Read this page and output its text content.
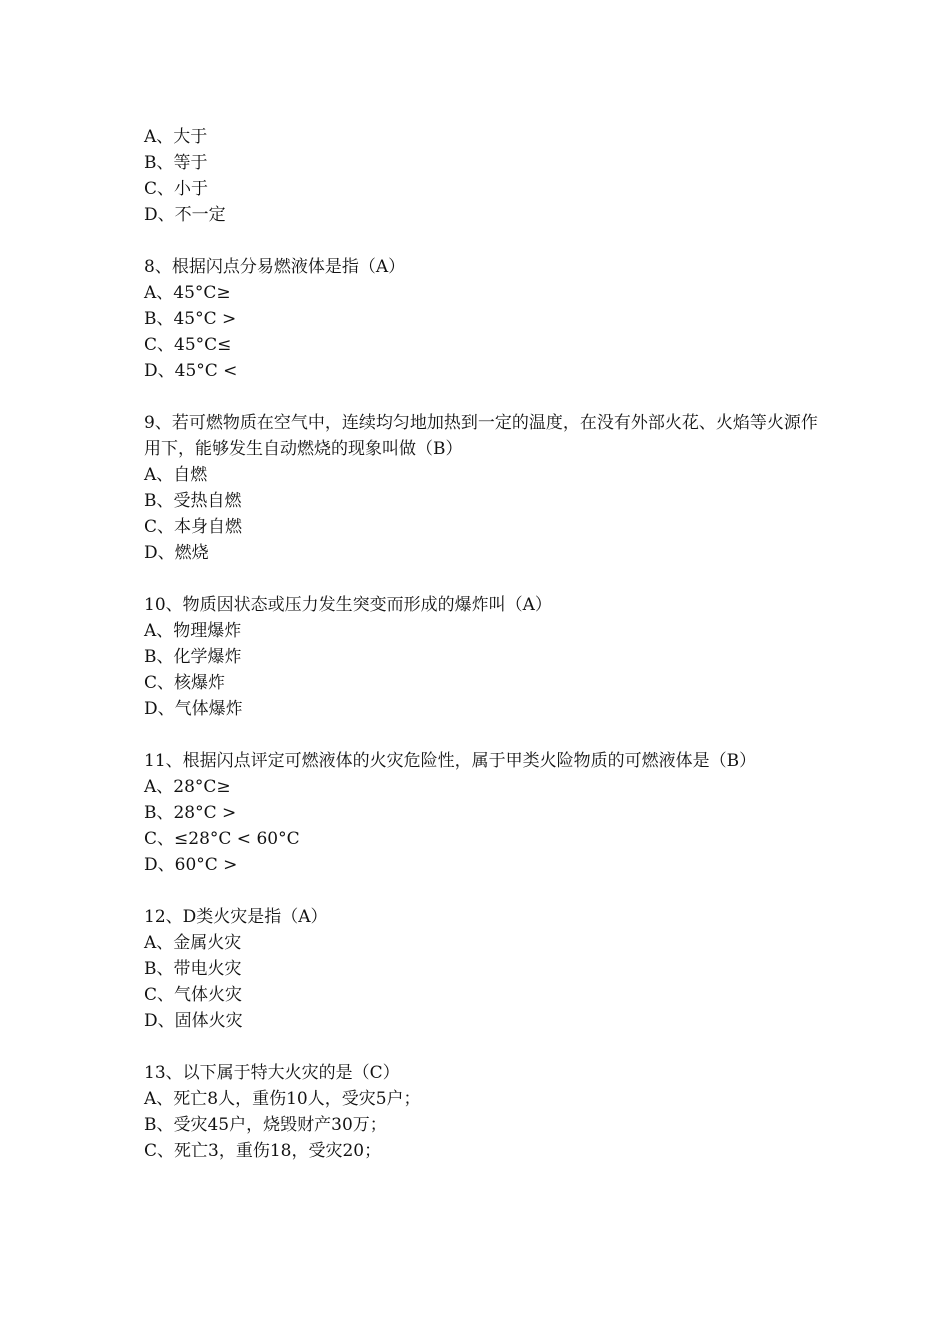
A、大于
B、等于
C、小于
D、不一定
8、根据闪点分易燃液体是指（A）
A、45°C≥
B、45°C >
C、45°C≤
D、45°C <
9、若可燃物质在空气中，连续均匀地加热到一定的温度，在没有外部火花、火焰等火源作用下，能够发生自动燃烧的现象叫做（B）
A、自燃
B、受热自燃
C、本身自燃
D、燃烧
10、物质因状态或压力发生突变而形成的爆炸叫（A）
A、物理爆炸
B、化学爆炸
C、核爆炸
D、气体爆炸
11、根据闪点评定可燃液体的火灾危险性，属于甲类火险物质的可燃液体是（B）
A、28°C≥
B、28°C >
C、≤28°C < 60°C
D、60°C >
12、D类火灾是指（A）
A、金属火灾
B、带电火灾
C、气体火灾
D、固体火灾
13、以下属于特大火灾的是（C）
A、死亡8人，重伤10人，受灾5户；
B、受灾45户，烧毁财产30万；
C、死亡3，重伤18，受灾20；
